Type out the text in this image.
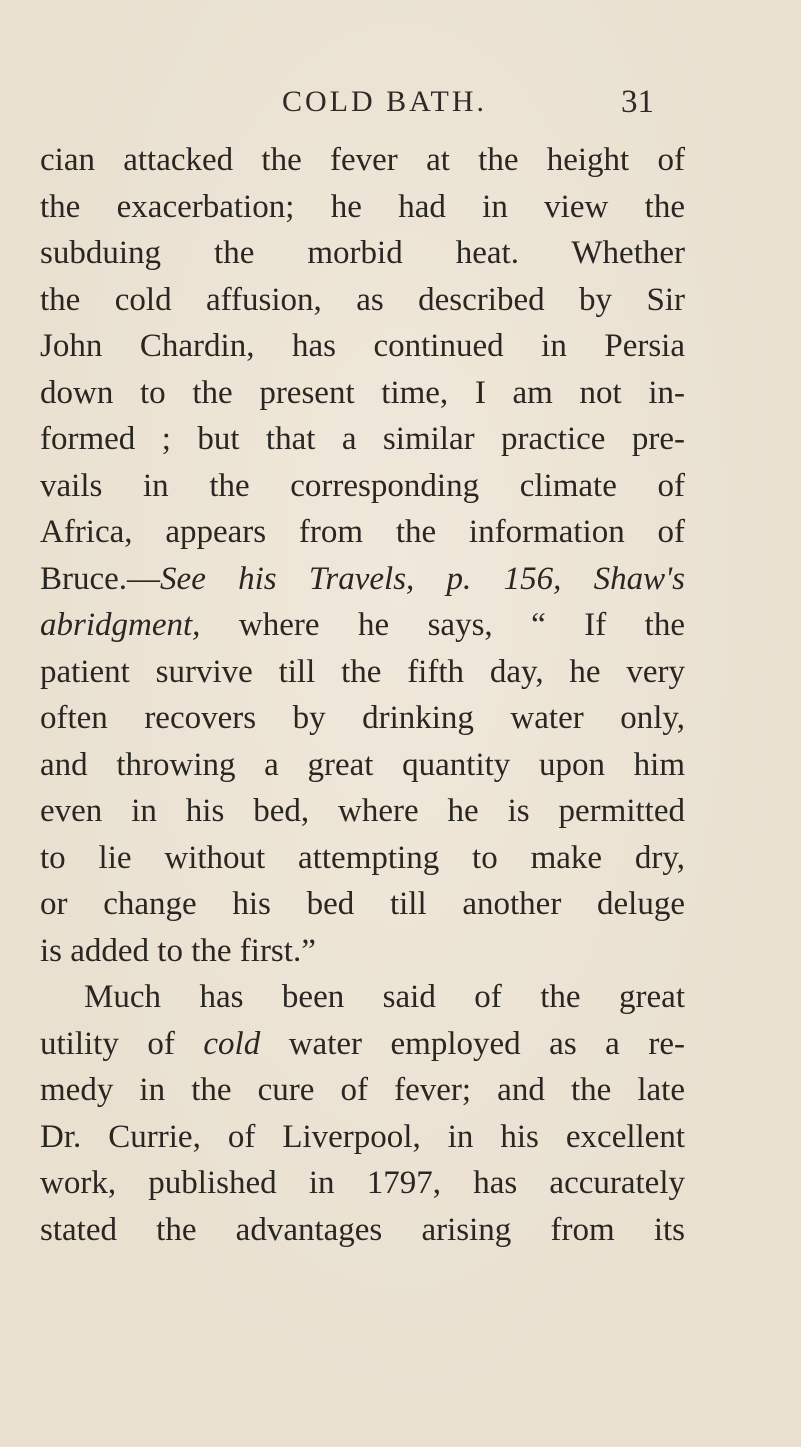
COLD BATH.	31
cian attacked the fever at the height of
the exacerbation; he had in view the
subduing the morbid heat. Whether
the cold affusion, as described by Sir
John Chardin, has continued in Persia
down to the present time, I am not in-
formed ; but that a similar practice pre-
vails in the corresponding climate of
Africa, appears from the information of
Bruce.—See his Travels, p. 156, Shaw's
abridgment, where he says, “ If the
patient survive till the fifth day, he very
often recovers by drinking water only,
and throwing a great quantity upon him
even in his bed, where he is permitted
to lie without attempting to make dry,
or change his bed till another deluge
is added to the first.”
Much has been said of the great
utility of cold water employed as a re-
medy in the cure of fever; and the late
Dr. Currie, of Liverpool, in his excellent
work, published in 1797, has accurately
stated the advantages arising from its
